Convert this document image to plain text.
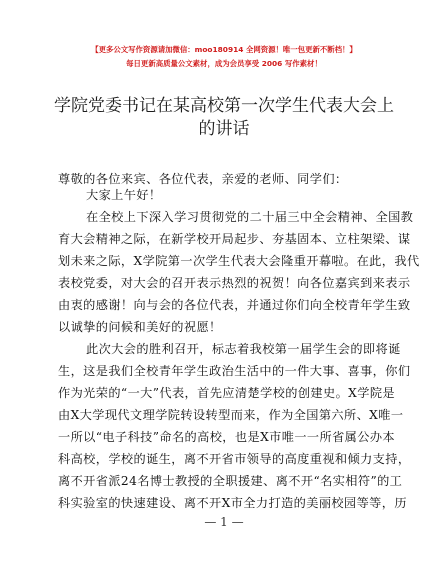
【更多公文写作资源请加微信：moo180914 全网资源！唯一包更新不断档！】
每日更新高质量公文素材，成为会员享受 2006 写作素材！
学院党委书记在某高校第一次学生代表大会上
的讲话
尊敬的各位来宾、各位代表，亲爱的老师、同学们：
大家上午好！
在全校上下深入学习贯彻党的二十届三中全会精神、全国教
育大会精神之际，在新学校开局起步、夯基固本、立柱架梁、谋
划未来之际，X学院第一次学生代表大会隆重开幕啦。在此，我代
表校党委，对大会的召开表示热烈的祝贺！向各位嘉宾到来表示
由衷的感谢！向与会的各位代表，并通过你们向全校青年学生致
以诚挚的问候和美好的祝愿！
此次大会的胜利召开，标志着我校第一届学生会的即将诞
生，这是我们全校青年学生政治生活中的一件大事、喜事，你们
作为光荣的“一大”代表，首先应清楚学校的创建史。X学院是
由X大学现代文理学院转设转型而来，作为全国第六所、X唯一
一所以“电子科技”命名的高校，也是X市唯一一所省属公办本
科高校，学校的诞生，离不开省市领导的高度重视和倾力支持，
离不开省派24名博士教授的全职援建、离不开“名实相符”的工
科实验室的快速建设、离不开X市全力打造的美丽校园等等，历
— 1 —
